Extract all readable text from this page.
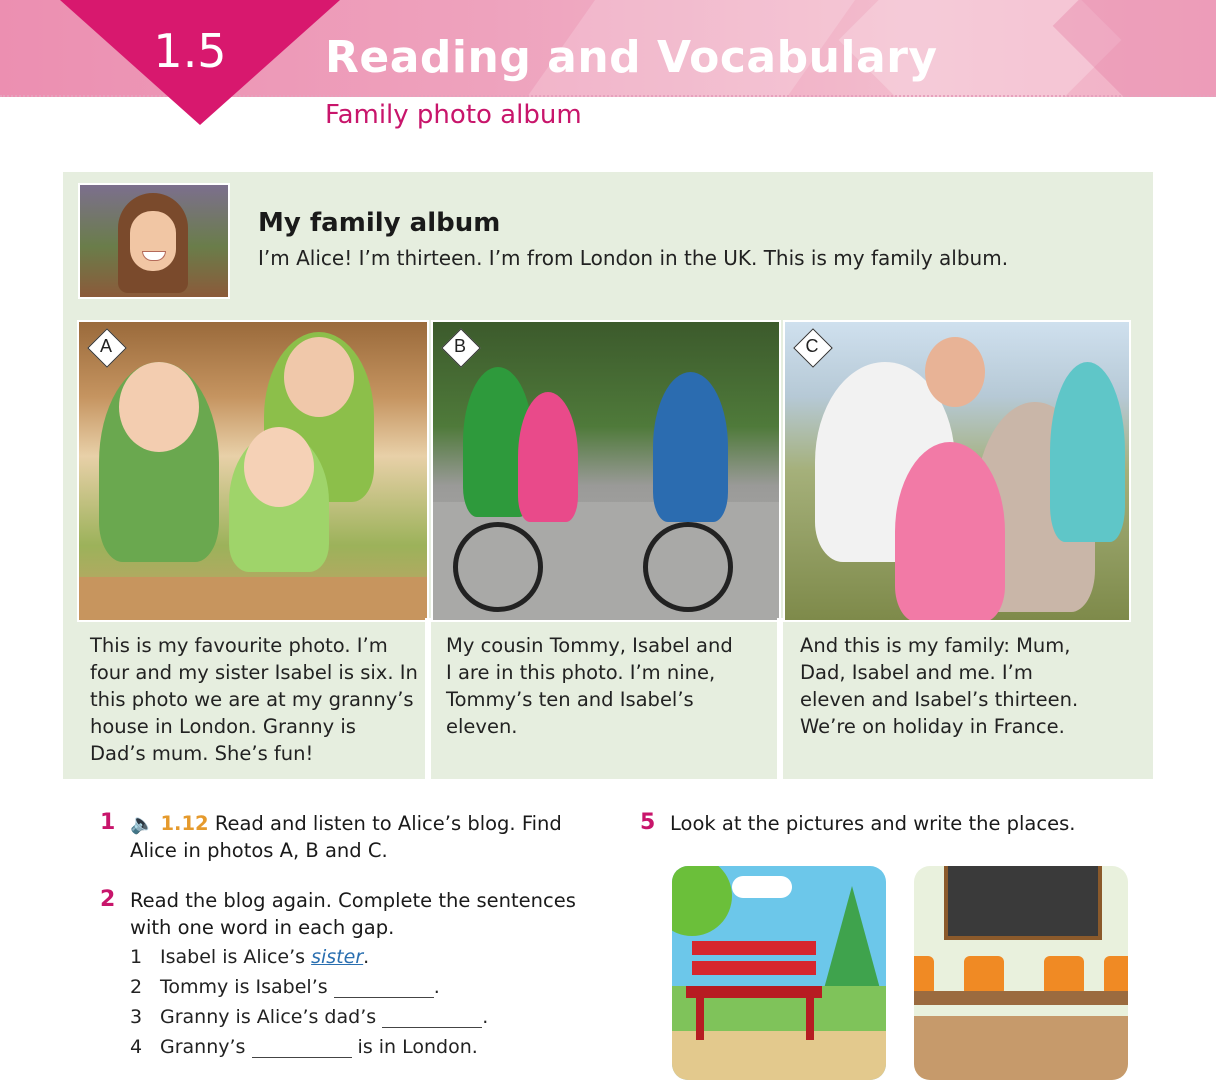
1.5	Reading and Vocabulary
Family photo album
My family album
I’m Alice! I’m thirteen. I’m from London in the UK. This is my family album.
A	B	C
This is my favourite photo. I’m
four and my sister Isabel is six. In
this photo we are at my granny’s
house in London. Granny is
Dad’s mum. She’s fun!
My cousin Tommy, Isabel and
I are in this photo. I’m nine,
Tommy’s ten and Isabel’s
eleven.
And this is my family: Mum,
Dad, Isabel and me. I’m
eleven and Isabel’s thirteen.
We’re on holiday in France.
1 🔈 1.12 Read and listen to Alice’s blog. Find
Alice in photos A, B and C.
2 Read the blog again. Complete the sentences
with one word in each gap.
1 Isabel is Alice’s sister.
2 Tommy is Isabel’s	.
3 Granny is Alice’s dad’s	.
4 Granny’s	is in London.
5 Look at the pictures and write the places.
